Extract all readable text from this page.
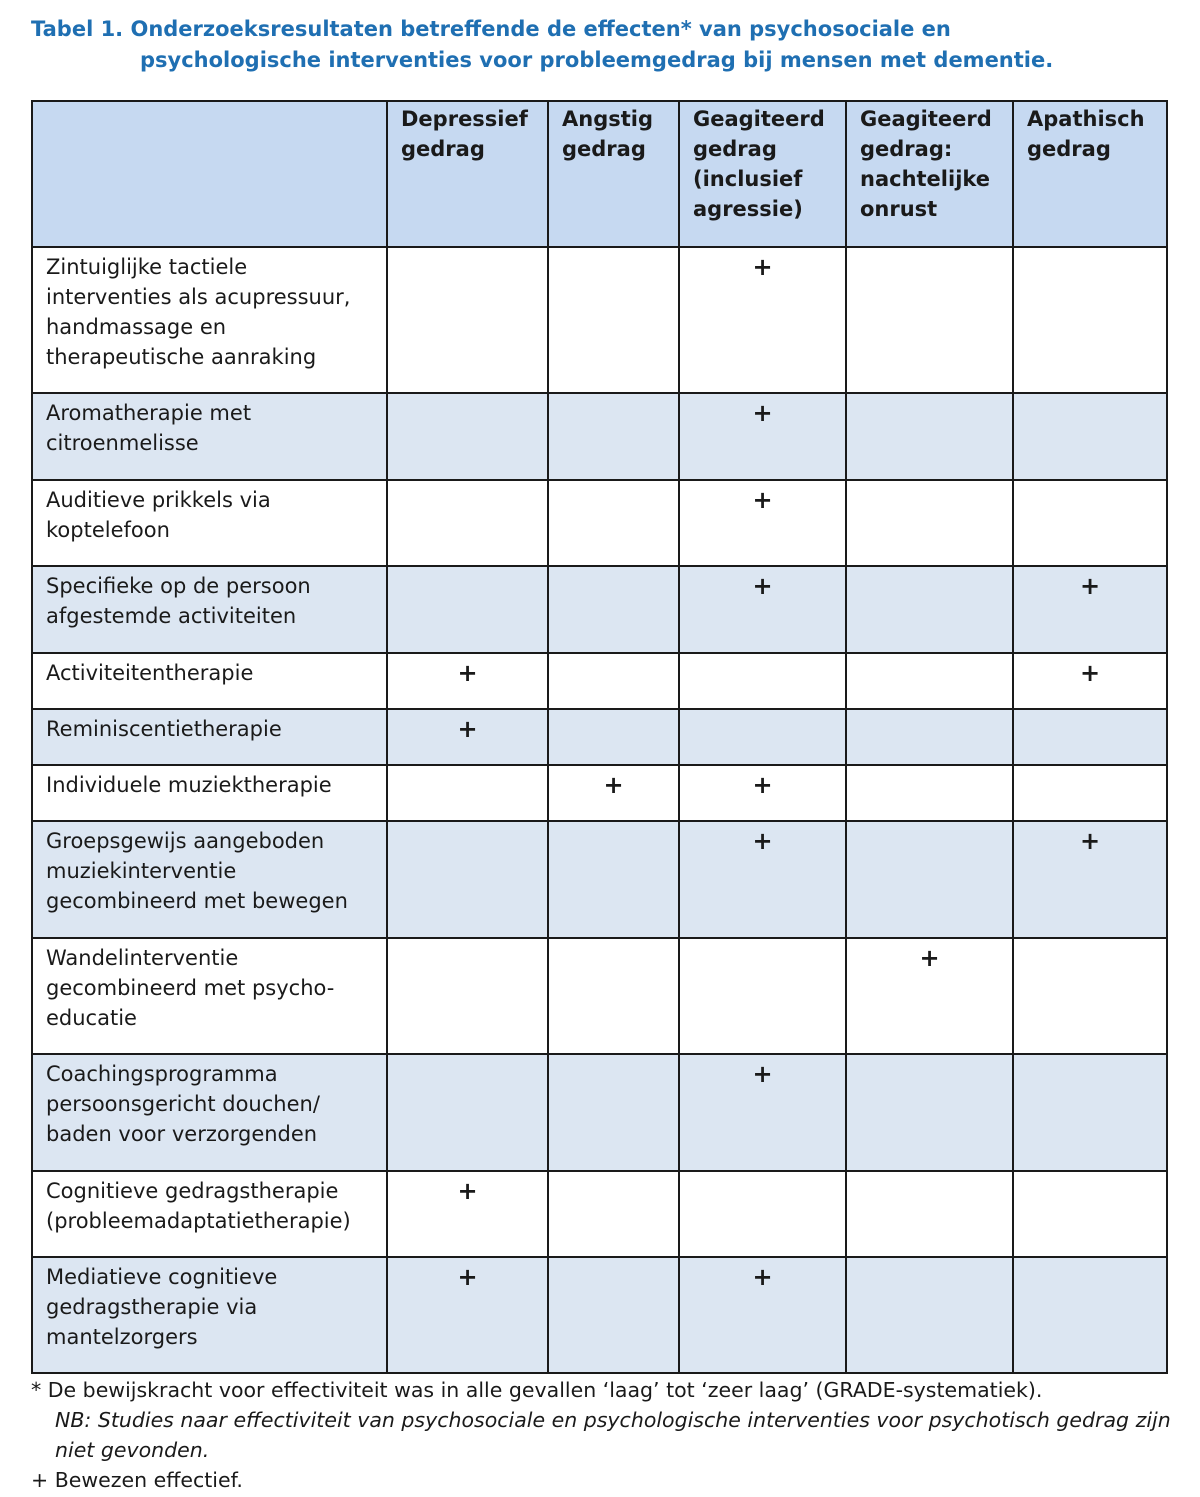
Tabel 1. Onderzoeksresultaten betreffende de effecten* van psychosociale en
psychologische interventies voor probleemgedrag bij mensen met dementie.
	Depressief gedrag	Angstig gedrag	Geagiteerd gedrag (inclusief agressie)	Geagiteerd gedrag: nachtelijke onrust	Apathisch gedrag
Zintuiglijke tactiele interventies als acupressuur, handmassage en therapeutische aanraking			+		
Aromatherapie met citroenmelisse			+		
Auditieve prikkels via koptelefoon			+		
Specifieke op de persoon afgestemde activiteiten			+		+
Activiteitentherapie	+				+
Reminiscentietherapie	+				
Individuele muziektherapie		+	+		
Groepsgewijs aangeboden muziekinterventie gecombineerd met bewegen			+		+
Wandelinterventie gecombineerd met psycho-educatie				+	
Coachingsprogramma persoonsgericht douchen/ baden voor verzorgenden			+		
Cognitieve gedragstherapie (probleemadaptatietherapie)	+				
Mediatieve cognitieve gedragstherapie via mantelzorgers	+		+		
* De bewijskracht voor effectiviteit was in alle gevallen ‘laag’ tot ‘zeer laag’ (GRADE-systematiek).
NB: Studies naar effectiviteit van psychosociale en psychologische interventies voor psychotisch gedrag zijn niet gevonden.
+ Bewezen effectief.
